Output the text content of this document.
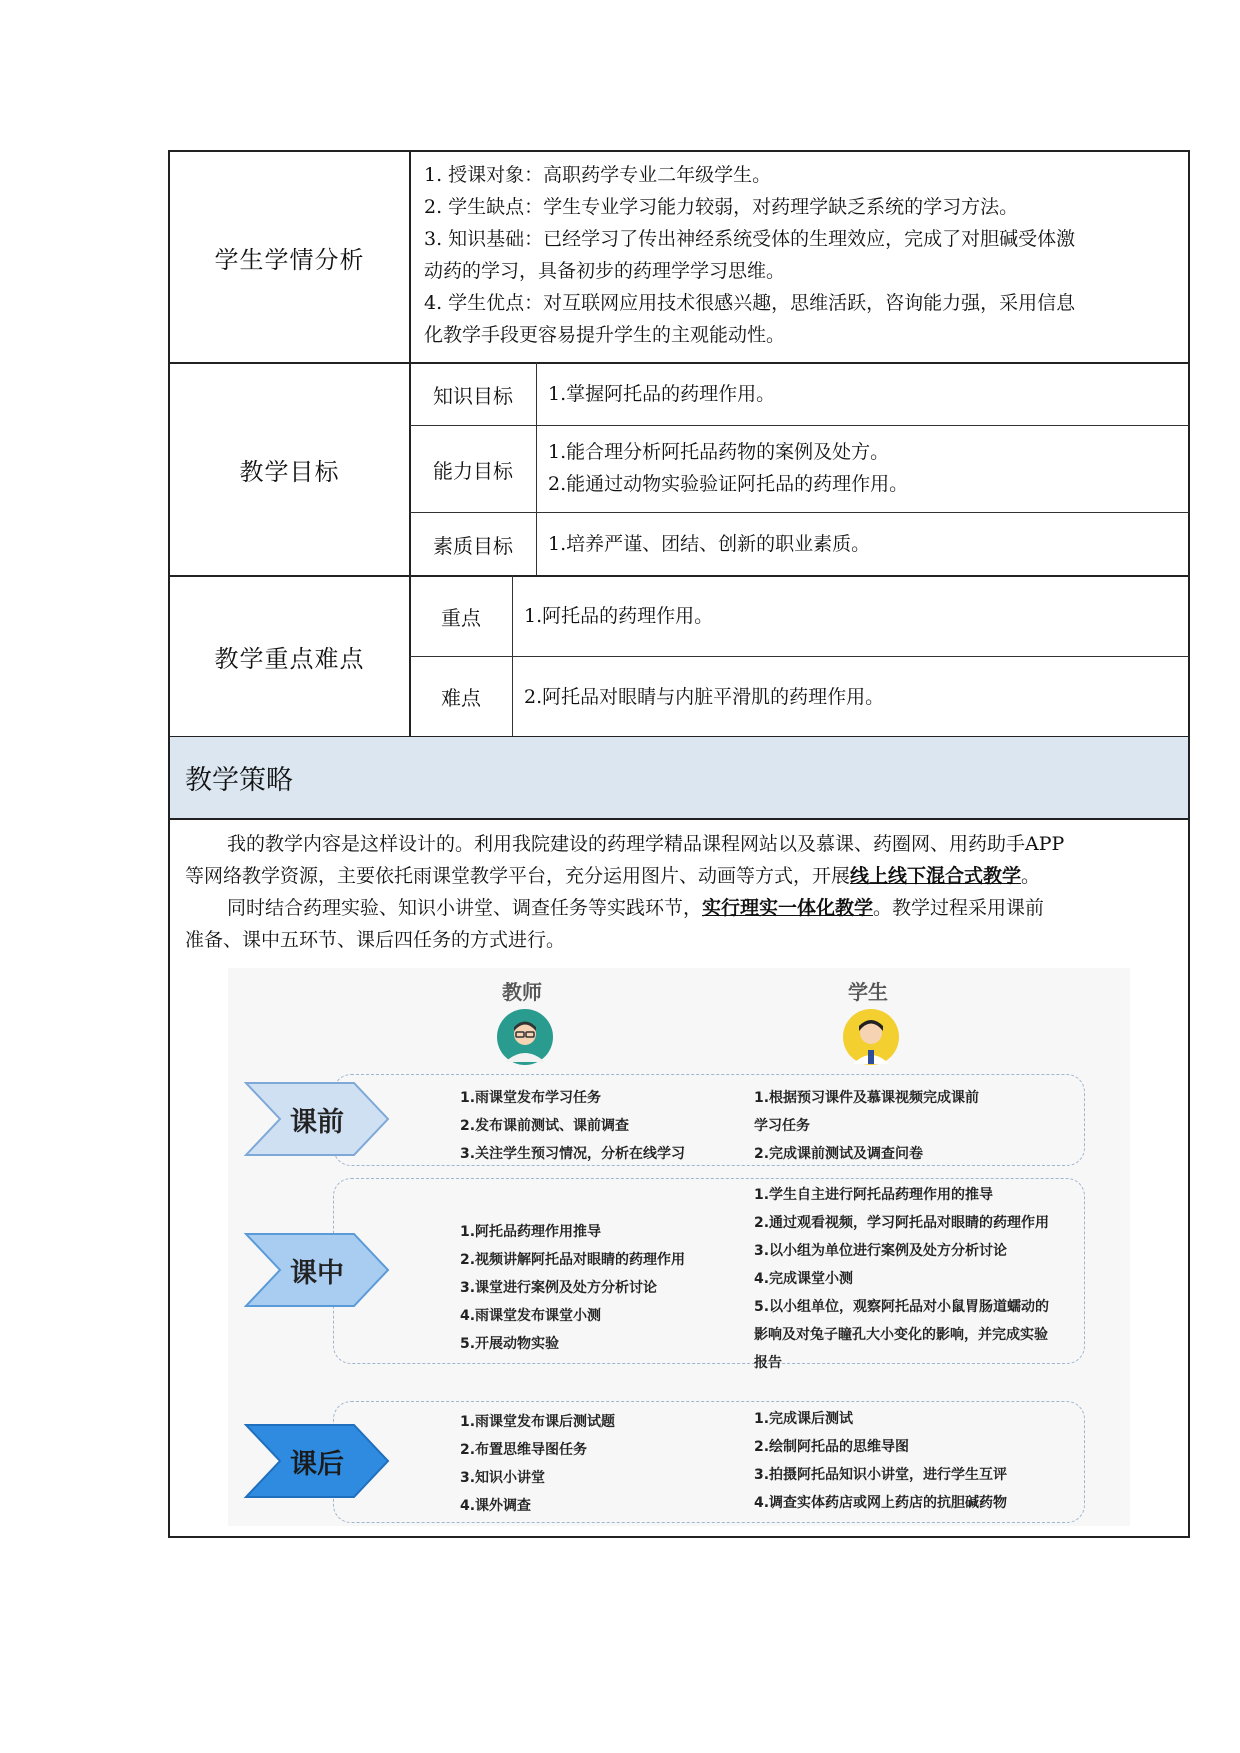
学生学情分析
1. 授课对象：高职药学专业二年级学生。
2. 学生缺点：学生专业学习能力较弱，对药理学缺乏系统的学习方法。
3. 知识基础：已经学习了传出神经系统受体的生理效应，完成了对胆碱受体激
动药的学习，具备初步的药理学学习思维。
4. 学生优点：对互联网应用技术很感兴趣，思维活跃，咨询能力强，采用信息
化教学手段更容易提升学生的主观能动性。
教学目标
知识目标 1.掌握阿托品的药理作用。
能力目标
1.能合理分析阿托品药物的案例及处方。
2.能通过动物实验验证阿托品的药理作用。
素质目标 1.培养严谨、团结、创新的职业素质。
教学重点难点
重点 1.阿托品的药理作用。
难点 2.阿托品对眼睛与内脏平滑肌的药理作用。
教学策略
我的教学内容是这样设计的。利用我院建设的药理学精品课程网站以及慕课、药圈网、用药助手APP
等网络教学资源，主要依托雨课堂教学平台，充分运用图片、动画等方式，开展线上线下混合式教学。
同时结合药理实验、知识小讲堂、调查任务等实践环节，实行理实一体化教学。教学过程采用课前
准备、课中五环节、课后四任务的方式进行。
教师	学生
课前
1.雨课堂发布学习任务
2.发布课前测试、课前调查
3.关注学生预习情况，分析在线学习
1.根据预习课件及慕课视频完成课前
学习任务
2.完成课前测试及调查问卷
课中
1.阿托品药理作用推导
2.视频讲解阿托品对眼睛的药理作用
3.课堂进行案例及处方分析讨论
4.雨课堂发布课堂小测
5.开展动物实验
1.学生自主进行阿托品药理作用的推导
2.通过观看视频，学习阿托品对眼睛的药理作用
3.以小组为单位进行案例及处方分析讨论
4.完成课堂小测
5.以小组单位，观察阿托品对小鼠胃肠道蠕动的
影响及对兔子瞳孔大小变化的影响，并完成实验
报告
课后
1.雨课堂发布课后测试题
2.布置思维导图任务
3.知识小讲堂
4.课外调查
1.完成课后测试
2.绘制阿托品的思维导图
3.拍摄阿托品知识小讲堂，进行学生互评
4.调查实体药店或网上药店的抗胆碱药物
